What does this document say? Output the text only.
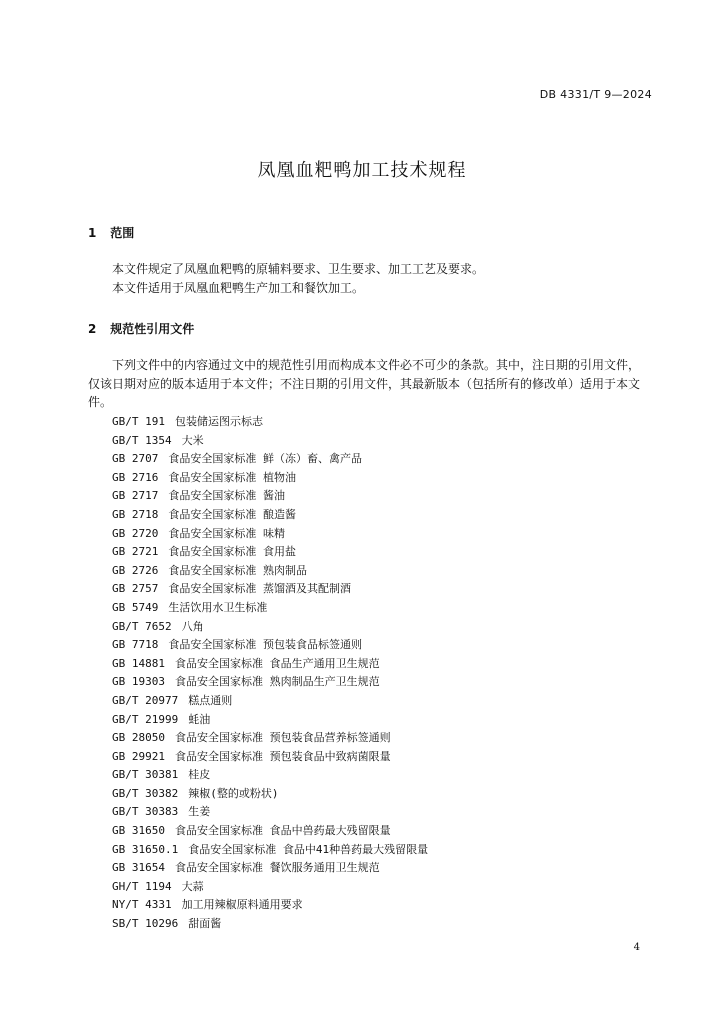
DB 4331/T 9—2024
凤凰血粑鸭加工技术规程
1 范围
本文件规定了凤凰血粑鸭的原辅料要求、卫生要求、加工工艺及要求。
本文件适用于凤凰血粑鸭生产加工和餐饮加工。
2 规范性引用文件
下列文件中的内容通过文中的规范性引用而构成本文件必不可少的条款。其中，注日期的引用文件，仅该日期对应的版本适用于本文件；不注日期的引用文件，其最新版本（包括所有的修改单）适用于本文件。
GB/T 191 包装储运图示标志
GB/T 1354 大米
GB 2707 食品安全国家标准 鲜（冻）畜、禽产品
GB 2716 食品安全国家标准 植物油
GB 2717 食品安全国家标准 酱油
GB 2718 食品安全国家标准 酿造酱
GB 2720 食品安全国家标准 味精
GB 2721 食品安全国家标准 食用盐
GB 2726 食品安全国家标准 熟肉制品
GB 2757 食品安全国家标准 蒸馏酒及其配制酒
GB 5749 生活饮用水卫生标准
GB/T 7652 八角
GB 7718 食品安全国家标准 预包装食品标签通则
GB 14881 食品安全国家标准 食品生产通用卫生规范
GB 19303 食品安全国家标准 熟肉制品生产卫生规范
GB/T 20977 糕点通则
GB/T 21999 蚝油
GB 28050 食品安全国家标准 预包装食品营养标签通则
GB 29921 食品安全国家标准 预包装食品中致病菌限量
GB/T 30381 桂皮
GB/T 30382 辣椒(整的或粉状)
GB/T 30383 生姜
GB 31650 食品安全国家标准 食品中兽药最大残留限量
GB 31650.1 食品安全国家标准 食品中41种兽药最大残留限量
GB 31654 食品安全国家标准 餐饮服务通用卫生规范
GH/T 1194 大蒜
NY/T 4331 加工用辣椒原料通用要求
SB/T 10296 甜面酱
4
